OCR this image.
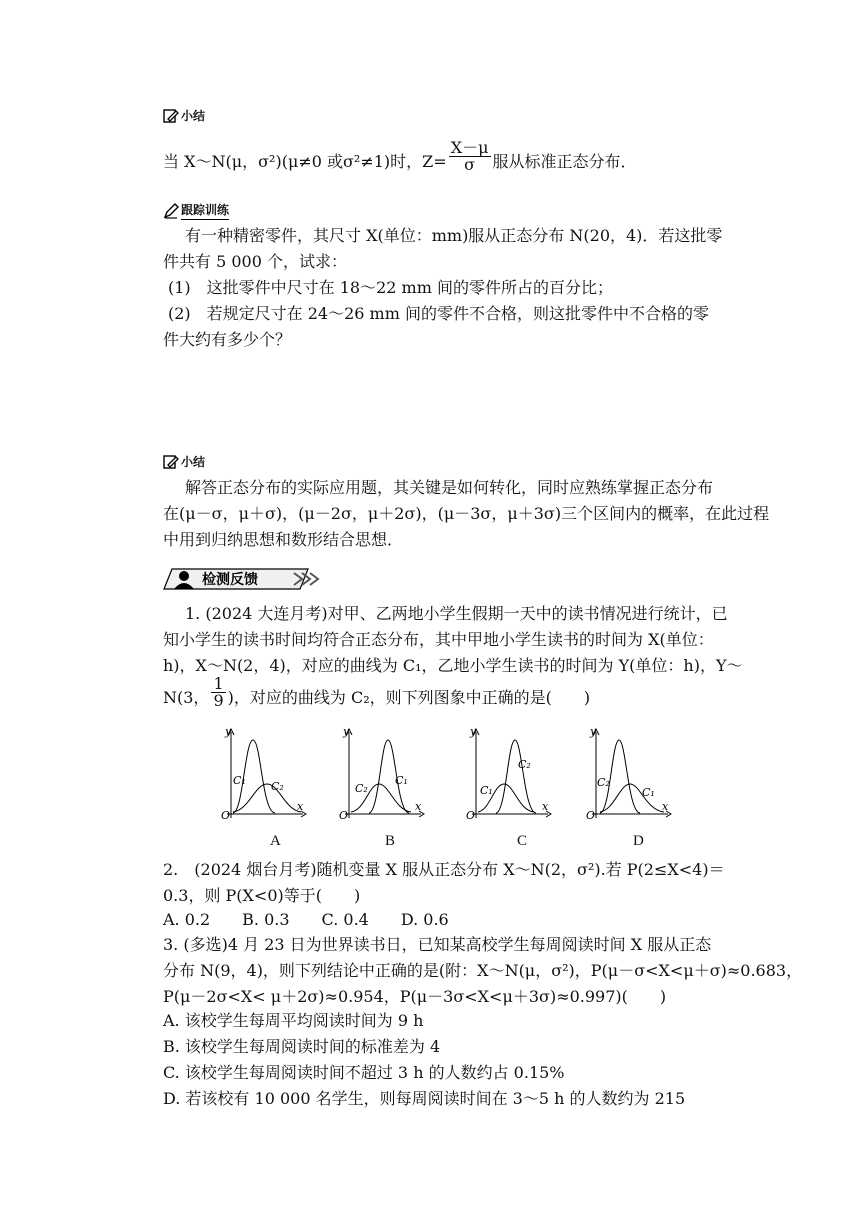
小结
当 X～N(μ，σ²)(μ≠0 或σ²≠1)时，$Z= \frac{X-\mu}{\sigma}$ 服从标准正态分布．
跟踪训练
有一种精密零件，其尺寸 X(单位：mm)服从正态分布 N(20，4)．若这批零
件共有 5 000 个，试求：
(1)　这批零件中尺寸在 18～22 mm 间的零件所占的百分比；
(2)　若规定尺寸在 24～26 mm 间的零件不合格，则这批零件中不合格的零
件大约有多少个？
小结
解答正态分布的实际应用题，其关键是如何转化，同时应熟练掌握正态分布
在(μ－σ，μ＋σ)，(μ－2σ，μ＋2σ)，(μ－3σ，μ＋3σ)三个区间内的概率，在此过程
中用到归纳思想和数形结合思想．
检测反馈
1. (2024 大连月考)对甲、乙两地小学生假期一天中的读书情况进行统计，已
知小学生的读书时间均符合正态分布，其中甲地小学生读书的时间为 X(单位：
h)，X～N(2，4)，对应的曲线为 C₁，乙地小学生读书的时间为 Y(单位：h)，Y～
N(3， $\frac{1}{9}$ )，对应的曲线为 C₂，则下列图象中正确的是(　　)
y
x
O
C₁ C₂
y
x
O
C₂
C₁
y
x
O
C₁
C₂
y
x
O
C₂
C₁
A	B	C	D
2.　(2024 烟台月考)随机变量 X 服从正态分布 X～N(2，σ²).若 P(2≤X<4)＝
0.3，则 P(X<0)等于(　　)
A. 0.2　　B. 0.3　　C. 0.4　　D. 0.6
3. (多选)4 月 23 日为世界读书日，已知某高校学生每周阅读时间 X 服从正态
分布 N(9，4)，则下列结论中正确的是(附：X～N(μ，σ²)，P(μ－σ<X<μ＋σ)≈0.683，
P(μ－2σ<X< μ＋2σ)≈0.954，P(μ－3σ<X<μ＋3σ)≈0.997)(　　)
A. 该校学生每周平均阅读时间为 9 h
B. 该校学生每周阅读时间的标准差为 4
C. 该校学生每周阅读时间不超过 3 h 的人数约占 0.15%
D. 若该校有 10 000 名学生，则每周阅读时间在 3～5 h 的人数约为 215
